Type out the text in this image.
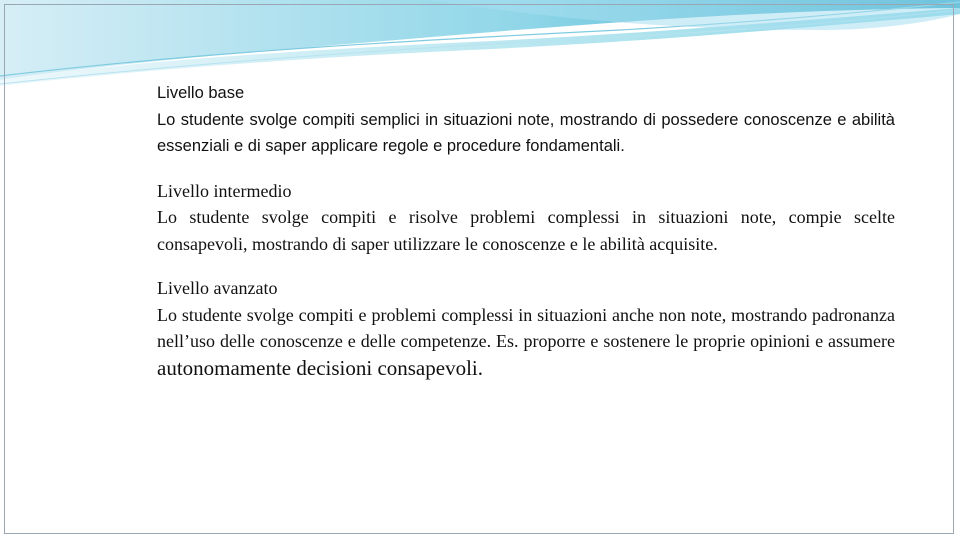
Livello base
Lo studente svolge compiti semplici in situazioni note, mostrando di possedere conoscenze e abilità essenziali e di saper applicare regole e procedure fondamentali.
Livello intermedio
Lo studente svolge compiti e risolve problemi complessi in situazioni note, compie scelte consapevoli, mostrando di saper utilizzare le conoscenze e le abilità acquisite.
Livello avanzato
Lo studente svolge compiti e problemi complessi in situazioni anche non note, mostrando padronanza nell’uso delle conoscenze e delle competenze. Es. proporre e sostenere le proprie opinioni e assumere autonomamente decisioni consapevoli.
